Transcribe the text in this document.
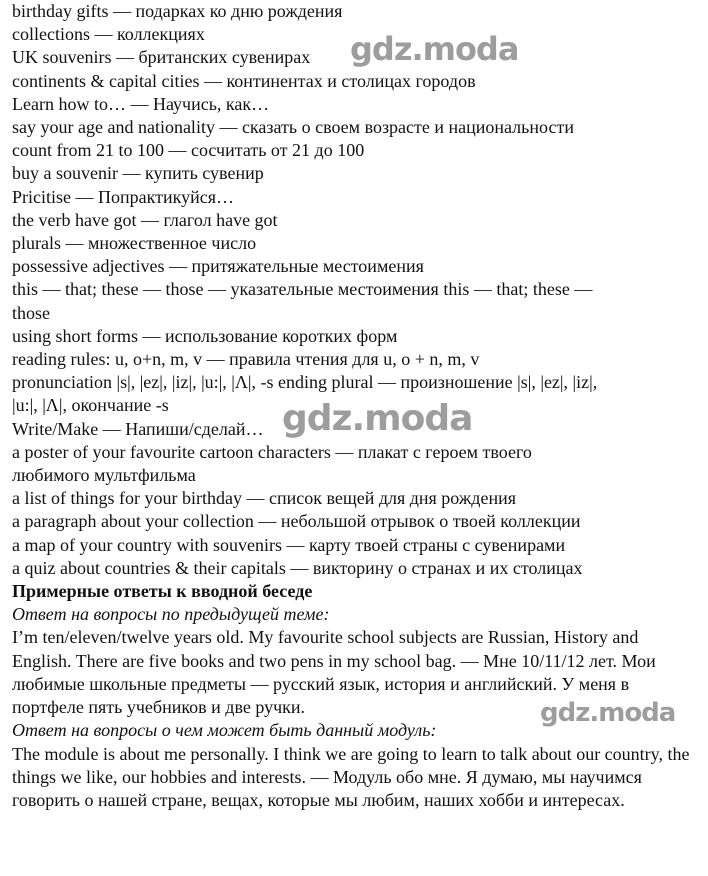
birthday gifts — подарках ко дню рождения
collections — коллекциях
UK souvenirs — британских сувенирах
continents & capital cities — континентах и столицах городов
Learn how to… — Научись, как…
say your age and nationality — сказать о своем возрасте и национальности
count from 21 to 100 — сосчитать от 21 до 100
buy a souvenir — купить сувенир
Pricitise — Попрактикуйся…
the verb have got — глагол have got
plurals — множественное число
possessive adjectives — притяжательные местоимения
this — that; these — those — указательные местоимения this — that; these —
those
using short forms — использование коротких форм
reading rules: u, o+n, m, v — правила чтения для u, o + n, m, v
pronunciation |s|, |ez|, |iz|, |u:|, |Λ|, -s ending plural — произношение |s|, |ez|, |iz|,
|u:|, |Λ|, окончание -s
Write/Make — Напиши/сделай…
a poster of your favourite cartoon characters — плакат с героем твоего
любимого мультфильма
a list of things for your birthday — список вещей для дня рождения
a paragraph about your collection — небольшой отрывок о твоей коллекции
a map of your country with souvenirs — карту твоей страны с сувенирами
a quiz about countries & their capitals — викторину о странах и их столицах
Примерные ответы к вводной беседе
Ответ на вопросы по предыдущей теме:
I’m ten/eleven/twelve years old. My favourite school subjects are Russian, History and English. There are five books and two pens in my school bag. — Мне 10/11/12 лет. Мои любимые школьные предметы — русский язык, история и английский. У меня в портфеле пять учебников и две ручки.
Ответ на вопросы о чем может быть данный модуль:
The module is about me personally. I think we are going to learn to talk about our country, the things we like, our hobbies and interests. — Модуль обо мне. Я думаю, мы научимся говорить о нашей стране, вещах, которые мы любим, наших хобби и интересах.
gdz.moda
gdz.moda
gdz.moda
